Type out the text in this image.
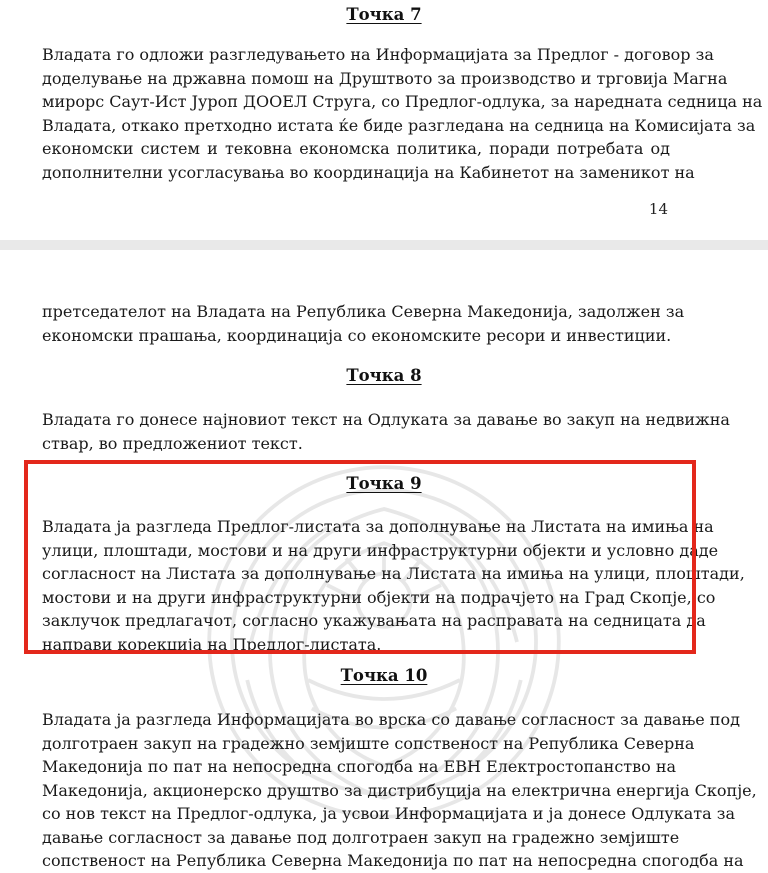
Точка 7
Владата го одложи разгледувањето на Информацијата за Предлог - договор за
доделување на државна помош на Друштвото за производство и трговија Магна
мирорс Саут-Ист Јуроп ДООЕЛ Струга, со Предлог-одлука, за наредната седница на
Владата, откако претходно истата ќе биде разгледана на седница на Комисијата за
економски систем и тековна економска политика, поради потребата од
дополнителни усогласувања во координација на Кабинетот на заменикот на
14
претседателот на Владата на Република Северна Македонија, задолжен за
економски прашања, координација со економските ресори и инвестиции.
Точка 8
Владата го донесе најновиот текст на Одлуката за давање во закуп на недвижна
ствар, во предложениот текст.
Точка 9
Владата ја разгледа Предлог-листата за дополнување на Листата на имиња на
улици, плоштади, мостови и на други инфраструктурни објекти и условно даде
согласност на Листата за дополнување на Листата на имиња на улици, плоштади,
мостови и на други инфраструктурни објекти на подрачјето на Град Скопје, со
заклучок предлагачот, согласно укажувањата на расправата на седницата да
направи корекција на Предлог-листата.
Точка 10
Владата ја разгледа Информацијата во врска со давање согласност за давање под
долготраен закуп на градежно земјиште сопственост на Република Северна
Македонија по пат на непосредна спогодба на ЕВН Електростопанство на
Македонија, акционерско друштво за дистрибуција на електрична енергија Скопје,
со нов текст на Предлог-одлука, ја усвои Информацијата и ја донесе Одлуката за
давање согласност за давање под долготраен закуп на градежно земјиште
сопственост на Република Северна Македонија по пат на непосредна спогодба на
